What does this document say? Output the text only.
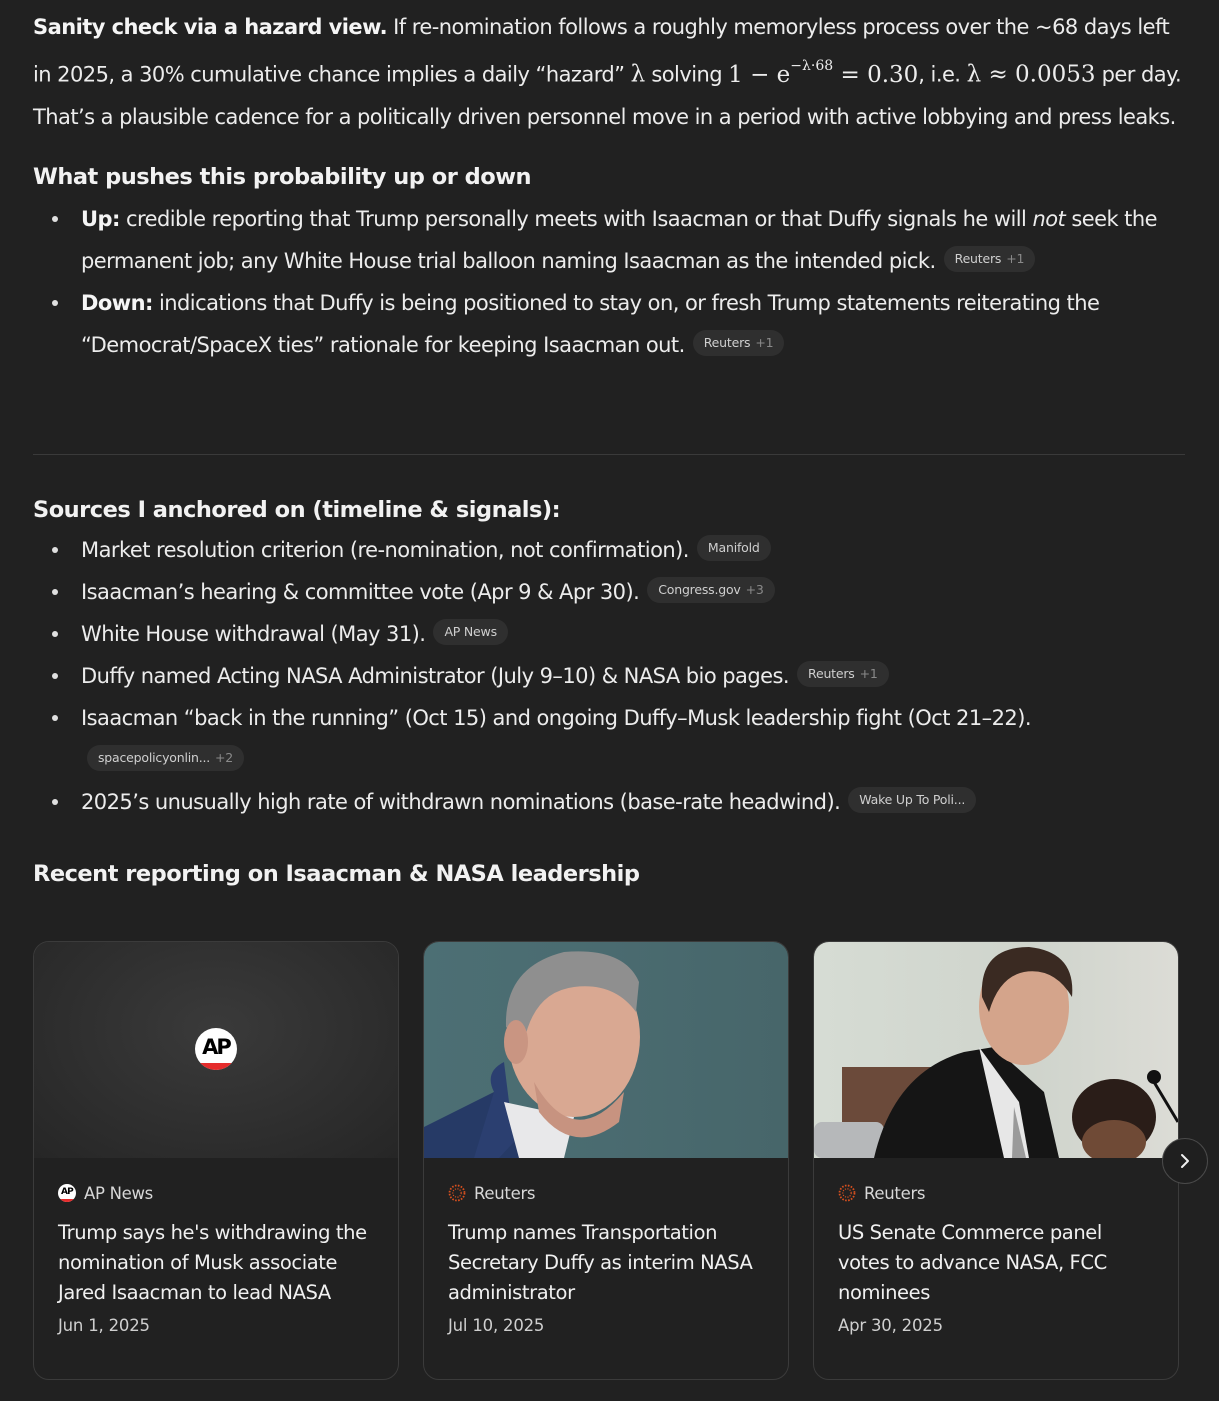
Sanity check via a hazard view. If re-nomination follows a roughly memoryless process over the ~68 days left in 2025, a 30% cumulative chance implies a daily “hazard” λ solving $1 - e^{-\lambda\cdot 68} = 0.30$, i.e. λ ≈ 0.0053 per day. That’s a plausible cadence for a politically driven personnel move in a period with active lobbying and press leaks.

What pushes this probability up or down
Up: credible reporting that Trump personally meets with Isaacman or that Duffy signals he will not seek the permanent job; any White House trial balloon naming Isaacman as the intended pick. Reuters +1
Down: indications that Duffy is being positioned to stay on, or fresh Trump statements reiterating the “Democrat/SpaceX ties” rationale for keeping Isaacman out. Reuters +1
Sources I anchored on (timeline & signals):
Market resolution criterion (re-nomination, not confirmation). Manifold
Isaacman’s hearing & committee vote (Apr 9 & Apr 30). Congress.gov +3
White House withdrawal (May 31). AP News
Duffy named Acting NASA Administrator (July 9–10) & NASA bio pages. Reuters +1
Isaacman “back in the running” (Oct 15) and ongoing Duffy–Musk leadership fight (Oct 21–22).
spacepolicyonlin... +2
2025’s unusually high rate of withdrawn nominations (base-rate headwind). Wake Up To Poli...
Recent reporting on Isaacman & NASA leadership
AP
AP AP News
Trump says he's withdrawing the nomination of Musk associate Jared Isaacman to lead NASA
Jun 1, 2025
Reuters
Trump names Transportation Secretary Duffy as interim NASA administrator
Jul 10, 2025
Reuters
US Senate Commerce panel votes to advance NASA, FCC nominees
Apr 30, 2025
